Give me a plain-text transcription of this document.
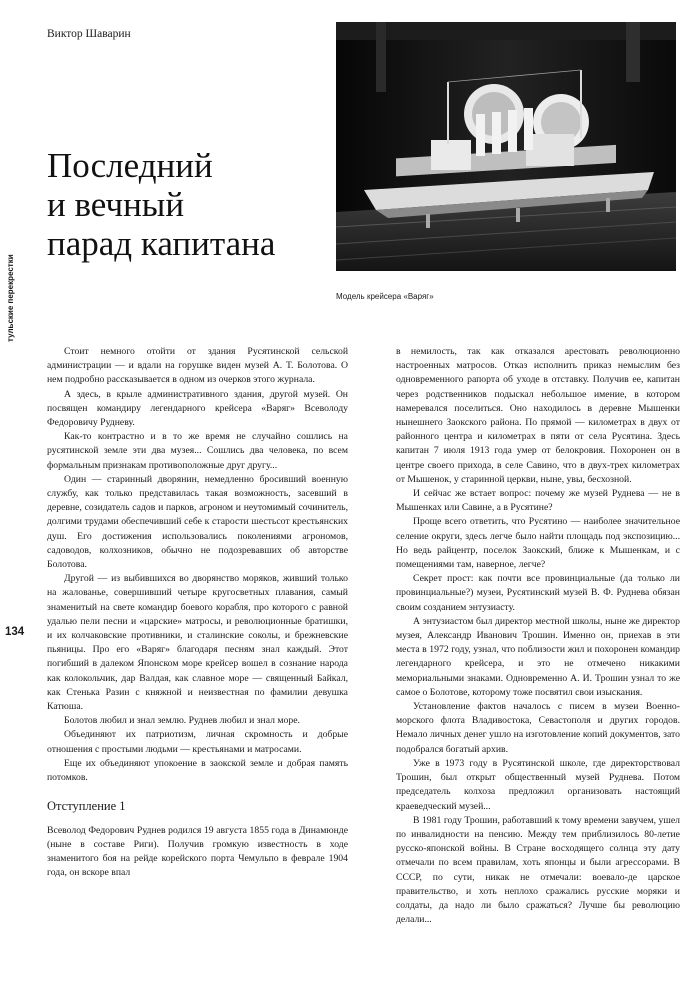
Виктор Шаварин
Последний
и вечный
парад капитана
Модель крейсера «Варяг»
тульские перекрестки
134

Стоит немного отойти от здания Русятинской сельской администрации — и вдали на горушке виден музей А. Т. Болотова. О нем подробно рассказывается в одном из очерков этого журнала.

А здесь, в крыле административного здания, другой музей. Он посвящен командиру легендарного крейсера «Варяг» Всеволоду Федоровичу Рудневу.

Как-то контрастно и в то же время не случайно сошлись на русятинской земле эти два музея... Сошлись два человека, по всем формальным признакам противоположные друг другу...

Один — старинный дворянин, немедленно бросивший военную службу, как только представилась такая возможность, засевший в деревне, созидатель садов и парков, агроном и неутомимый сочинитель, долгими трудами обеспечивший себе к старости шестьсот крестьянских душ. Его достижения использовались поколениями агрономов, садоводов, колхозников, обычно не подозревавших об авторстве Болотова.

Другой — из выбившихся во дворянство моряков, живший только на жалованье, совершивший четыре кругосветных плавания, самый знаменитый на свете командир боевого корабля, про которого с равной удалью пели песни и «царские» матросы, и революционные братишки, и их колчаковские противники, и сталинские соколы, и брежневские пьяницы. Про его «Варяг» благодаря песням знал каждый. Этот погибший в далеком Японском море крейсер вошел в сознание народа как колокольчик, дар Валдая, как славное море — священный Байкал, как Стенька Разин с княжной и неизвестная по фамилии девушка Катюша.

Болотов любил и знал землю. Руднев любил и знал море.

Объединяют их патриотизм, личная скромность и добрые отношения с простыми людьми — крестьянами и матросами.

Еще их объединяют упокоение в заокской земле и добрая память потомков.

Отступление 1

Всеволод Федорович Руднев родился 19 августа 1855 года в Динамюнде (ныне в составе Риги). Получив громкую известность в ходе знаменитого боя на рейде корейского порта Чемульпо в феврале 1904 года, он вскоре впал

в немилость, так как отказался арестовать революционно настроенных матросов. Отказ исполнить приказ немыслим без одновременного рапорта об уходе в отставку. Получив ее, капитан через родственников подыскал небольшое имение, в котором намеревался поселиться. Оно находилось в деревне Мышенки нынешнего Заокского района. По прямой — километрах в двух от районного центра и километрах в пяти от села Русятина. Здесь капитан 7 июля 1913 года умер от белокровия. Похоронен он в центре своего прихода, в селе Савино, что в двух-трех километрах от Мышенок, у старинной церкви, ныне, увы, бесхозной.

И сейчас же встает вопрос: почему же музей Руднева — не в Мышенках или Савине, а в Русятине?

Проще всего ответить, что Русятино — наиболее значительное селение округи, здесь легче было найти площадь под экспозицию... Но ведь райцентр, поселок Заокский, ближе к Мышенкам, и с помещениями там, наверное, легче?

Секрет прост: как почти все провинциальные (да только ли провинциальные?) музеи, Русятинский музей В. Ф. Руднева обязан своим созданием энтузиасту.

А энтузиастом был директор местной школы, ныне же директор музея, Александр Иванович Трошин. Именно он, приехав в эти места в 1972 году, узнал, что поблизости жил и похоронен командир легендарного крейсера, и это не отмечено никакими мемориальными знаками. Одновременно А. И. Трошин узнал то же самое о Болотове, которому тоже посвятил свои изыскания.

Установление фактов началось с писем в музеи Военно-морского флота Владивостока, Севастополя и других городов. Немало личных денег ушло на изготовление копий документов, зато подобрался богатый архив.

Уже в 1973 году в Русятинской школе, где директорствовал Трошин, был открыт общественный музей Руднева. Потом председатель колхоза предложил организовать настоящий краеведческий музей...

В 1981 году Трошин, работавший к тому времени завучем, ушел по инвалидности на пенсию. Между тем приблизилось 80-летие русско-японской войны. В Стране восходящего солнца эту дату отмечали по всем правилам, хоть японцы и были агрессорами. В СССР, по сути, никак не отмечали: воевало-де царское правительство, и хоть неплохо сражались русские моряки и солдаты, да надо ли было сражаться? Лучше бы революцию делали...
